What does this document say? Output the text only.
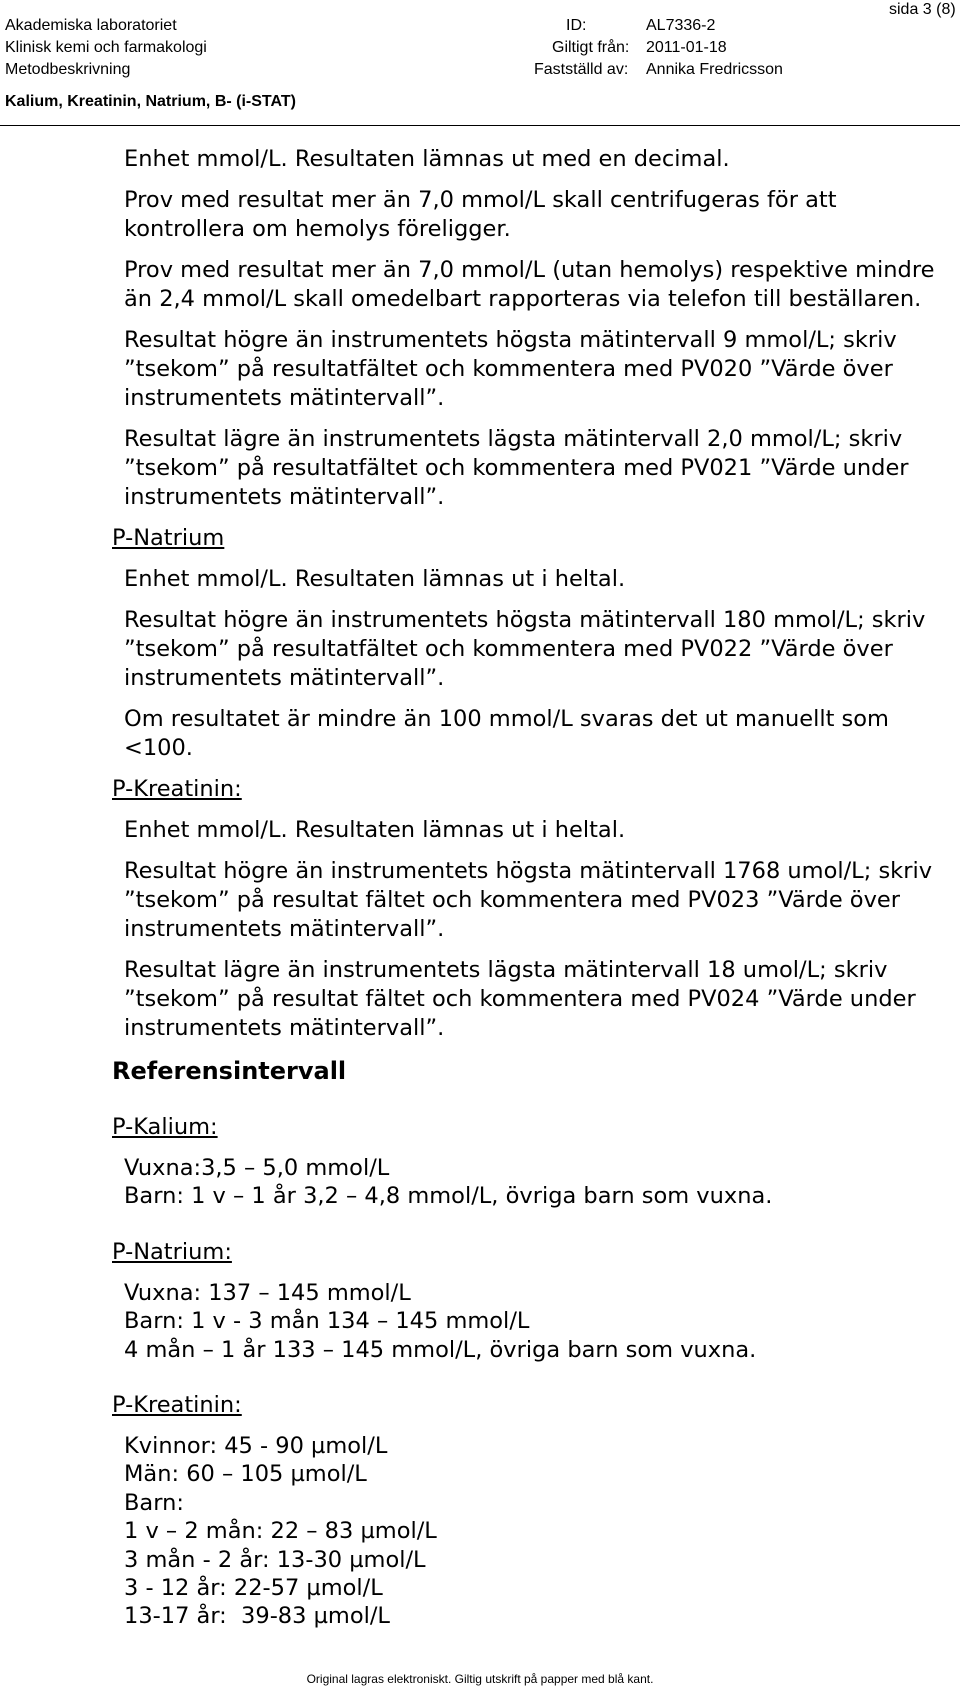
sida 3 (8)
Akademiska laboratoriet
Klinisk kemi och farmakologi
Metodbeskrivning
ID:	AL7336-2
Giltigt från: 2011-01-18
Fastställd av: Annika Fredricsson
Kalium, Kreatinin, Natrium, B- (i-STAT)

Enhet mmol/L. Resultaten lämnas ut med en decimal.

Prov med resultat mer än 7,0 mmol/L skall centrifugeras för att kontrollera om hemolys föreligger.

Prov med resultat mer än 7,0 mmol/L (utan hemolys) respektive mindre än 2,4 mmol/L skall omedelbart rapporteras via telefon till beställaren.

Resultat högre än instrumentets högsta mätintervall 9 mmol/L; skriv ”tsekom” på resultatfältet och kommentera med PV020 ”Värde över instrumentets mätintervall”.

Resultat lägre än instrumentets lägsta mätintervall 2,0 mmol/L; skriv ”tsekom” på resultatfältet och kommentera med PV021 ”Värde under instrumentets mätintervall”.

P-Natrium

Enhet mmol/L. Resultaten lämnas ut i heltal.

Resultat högre än instrumentets högsta mätintervall 180 mmol/L; skriv ”tsekom” på resultatfältet och kommentera med PV022 ”Värde över instrumentets mätintervall”.

Om resultatet är mindre än 100 mmol/L svaras det ut manuellt som <100.

P-Kreatinin:

Enhet mmol/L. Resultaten lämnas ut i heltal.

Resultat högre än instrumentets högsta mätintervall 1768 umol/L; skriv ”tsekom” på resultat fältet och kommentera med PV023 ”Värde över instrumentets mätintervall”.

Resultat lägre än instrumentets lägsta mätintervall 18 umol/L; skriv ”tsekom” på resultat fältet och kommentera med PV024 ”Värde under instrumentets mätintervall”.

Referensintervall
P-Kalium:
Vuxna:3,5 – 5,0 mmol/L
Barn: 1 v – 1 år 3,2 – 4,8 mmol/L, övriga barn som vuxna.
P-Natrium:
Vuxna: 137 – 145 mmol/L
Barn: 1 v - 3 mån 134 – 145 mmol/L
4 mån – 1 år 133 – 145 mmol/L, övriga barn som vuxna.
P-Kreatinin:
Kvinnor: 45 - 90 µmol/L
Män: 60 – 105 µmol/L
Barn:
1 v – 2 mån: 22 – 83 µmol/L
3 mån - 2 år: 13-30 µmol/L
3 - 12 år: 22-57 µmol/L
13-17 år:  39-83 µmol/L
Original lagras elektroniskt. Giltig utskrift på papper med blå kant.
